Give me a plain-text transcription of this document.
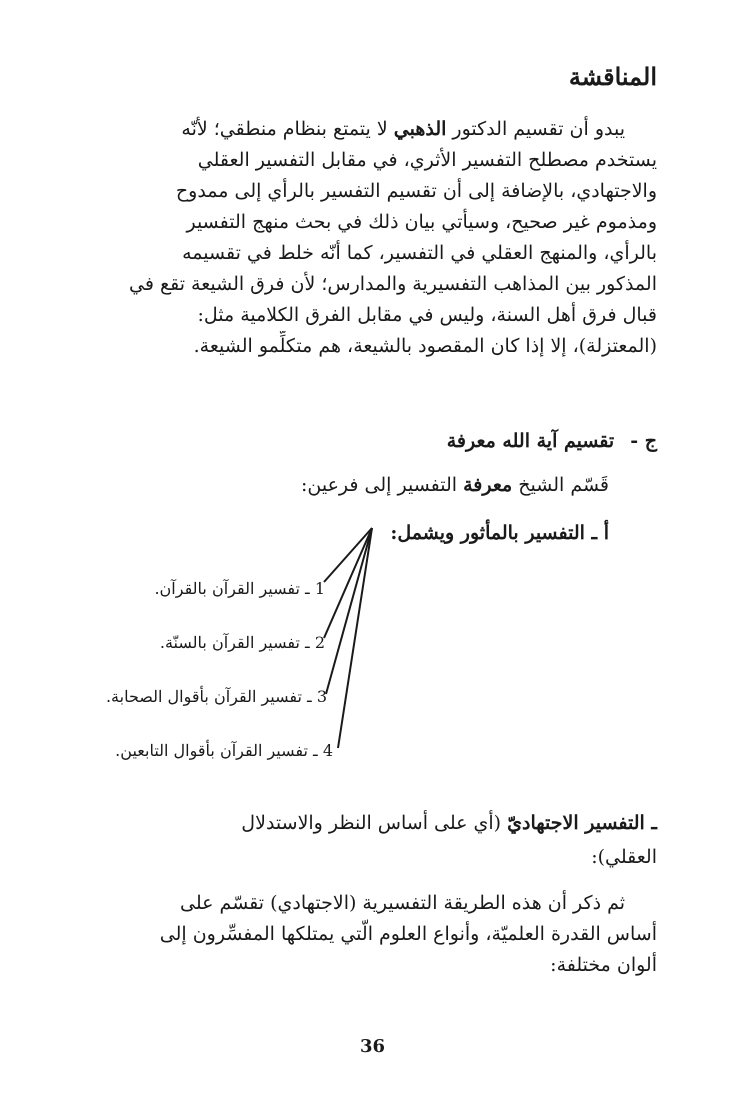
المناقشة
يبدو أن تقسيم الدكتور الذهبي لا يتمتع بنظام منطقي؛ لأنّه
يستخدم مصطلح التفسير الأثري، في مقابل التفسير العقلي
والاجتهادي، بالإضافة إلى أن تقسيم التفسير بالرأي إلى ممدوح
ومذموم غير صحيح، وسيأتي بيان ذلك في بحث منهج التفسير
بالرأي، والمنهج العقلي في التفسير، كما أنّه خلط في تقسيمه
المذكور بين المذاهب التفسيرية والمدارس؛ لأن فرق الشيعة تقع في
قبال فرق أهل السنة، وليس في مقابل الفرق الكلامية مثل:
(المعتزلة)، إلا إذا كان المقصود بالشيعة، هم متكلِّمو الشيعة.
ج - تقسيم آية الله معرفة
قَسّم الشيخ معرفة التفسير إلى فرعين:
أ ـ التفسير بالمأثور ويشمل:
1 ـ تفسير القرآن بالقرآن.
2 ـ تفسير القرآن بالسنّة.
3 ـ تفسير القرآن بأقوال الصحابة.
4 ـ تفسير القرآن بأقوال التابعين.
ـ التفسير الاجتهاديّ (أي على أساس النظر والاستدلال
العقلي):
ثم ذكر أن هذه الطريقة التفسيرية (الاجتهادي) تقسّم على
أساس القدرة العلميّة، وأنواع العلوم الّتي يمتلكها المفسِّرون إلى
ألوان مختلفة:
36
